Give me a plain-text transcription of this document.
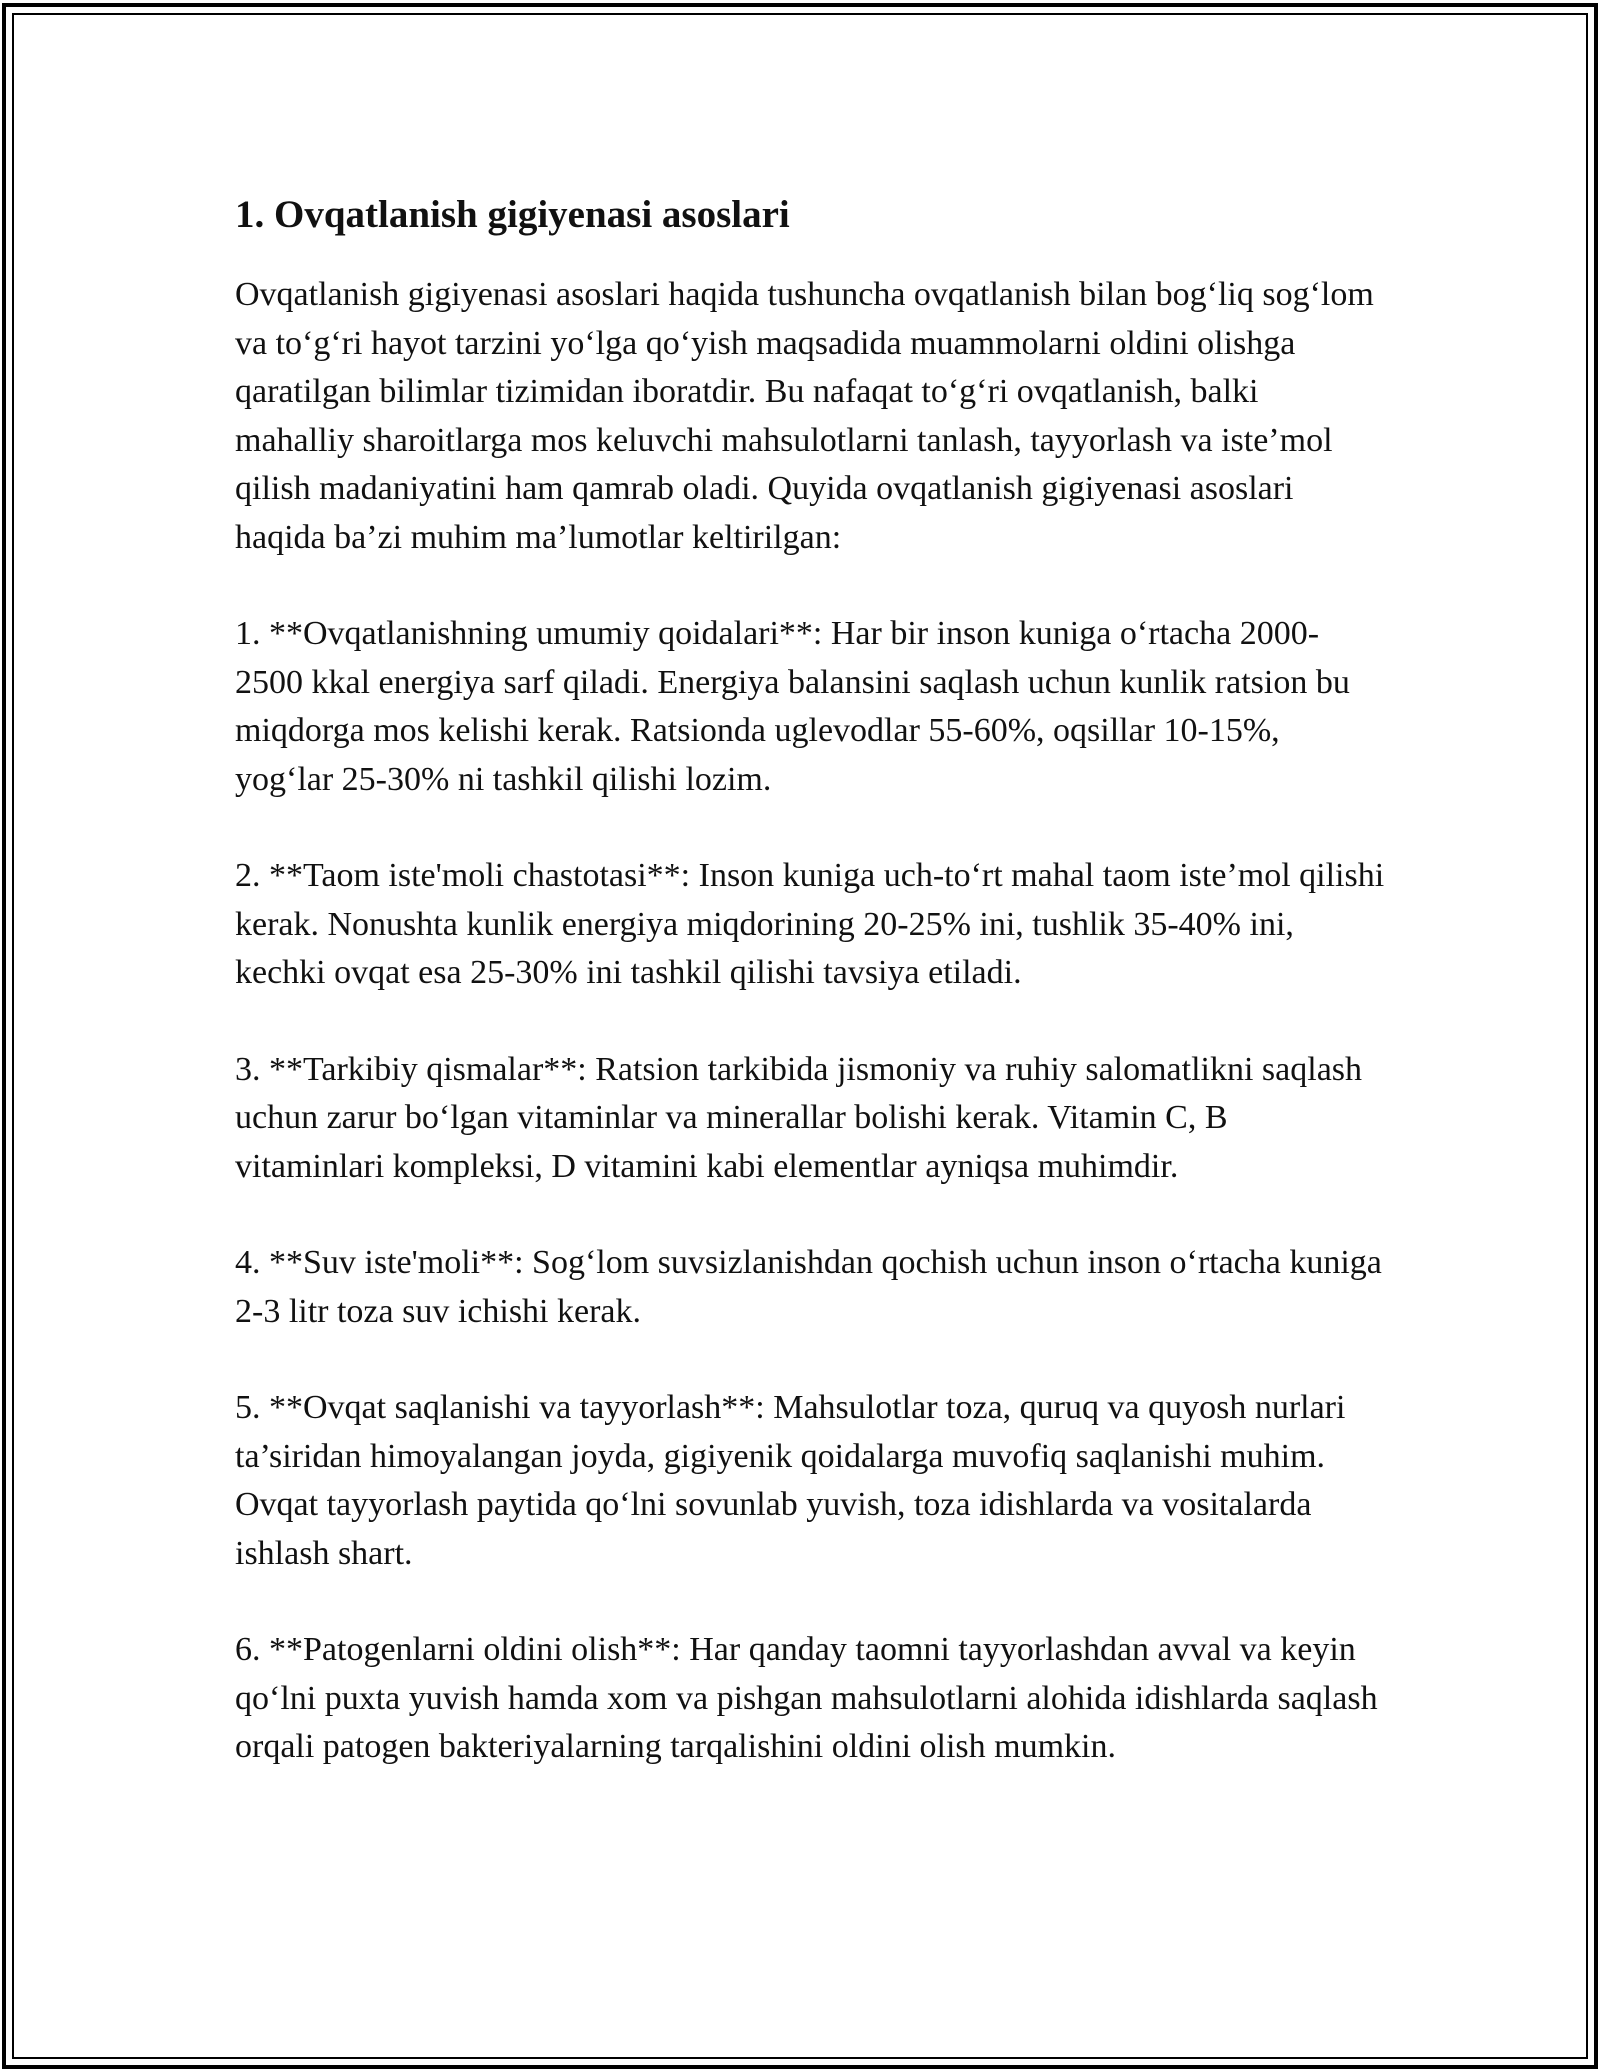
1. Ovqatlanish gigiyenasi asoslari

Ovqatlanish gigiyenasi asoslari haqida tushuncha ovqatlanish bilan bog‘liq sog‘lom va to‘g‘ri hayot tarzini yo‘lga qo‘yish maqsadida muammolarni oldini olishga qaratilgan bilimlar tizimidan iboratdir. Bu nafaqat to‘g‘ri ovqatlanish, balki mahalliy sharoitlarga mos keluvchi mahsulotlarni tanlash, tayyorlash va iste’mol qilish madaniyatini ham qamrab oladi. Quyida ovqatlanish gigiyenasi asoslari haqida ba’zi muhim ma’lumotlar keltirilgan:

1. **Ovqatlanishning umumiy qoidalari**: Har bir inson kuniga o‘rtacha 2000-2500 kkal energiya sarf qiladi. Energiya balansini saqlash uchun kunlik ratsion bu miqdorga mos kelishi kerak. Ratsionda uglevodlar 55-60%, oqsillar 10-15%, yog‘lar 25-30% ni tashkil qilishi lozim.

2. **Taom iste'moli chastotasi**: Inson kuniga uch-to‘rt mahal taom iste’mol qilishi kerak. Nonushta kunlik energiya miqdorining 20-25% ini, tushlik 35-40% ini, kechki ovqat esa 25-30% ini tashkil qilishi tavsiya etiladi.

3. **Tarkibiy qismalar**: Ratsion tarkibida jismoniy va ruhiy salomatlikni saqlash uchun zarur bo‘lgan vitaminlar va minerallar bolishi kerak. Vitamin C, B vitaminlari kompleksi, D vitamini kabi elementlar ayniqsa muhimdir.

4. **Suv iste'moli**: Sog‘lom suvsizlanishdan qochish uchun inson o‘rtacha kuniga 2-3 litr toza suv ichishi kerak.

5. **Ovqat saqlanishi va tayyorlash**: Mahsulotlar toza, quruq va quyosh nurlari ta’siridan himoyalangan joyda, gigiyenik qoidalarga muvofiq saqlanishi muhim. Ovqat tayyorlash paytida qo‘lni sovunlab yuvish, toza idishlarda va vositalarda ishlash shart.

6. **Patogenlarni oldini olish**: Har qanday taomni tayyorlashdan avval va keyin qo‘lni puxta yuvish hamda xom va pishgan mahsulotlarni alohida idishlarda saqlash orqali patogen bakteriyalarning tarqalishini oldini olish mumkin.
